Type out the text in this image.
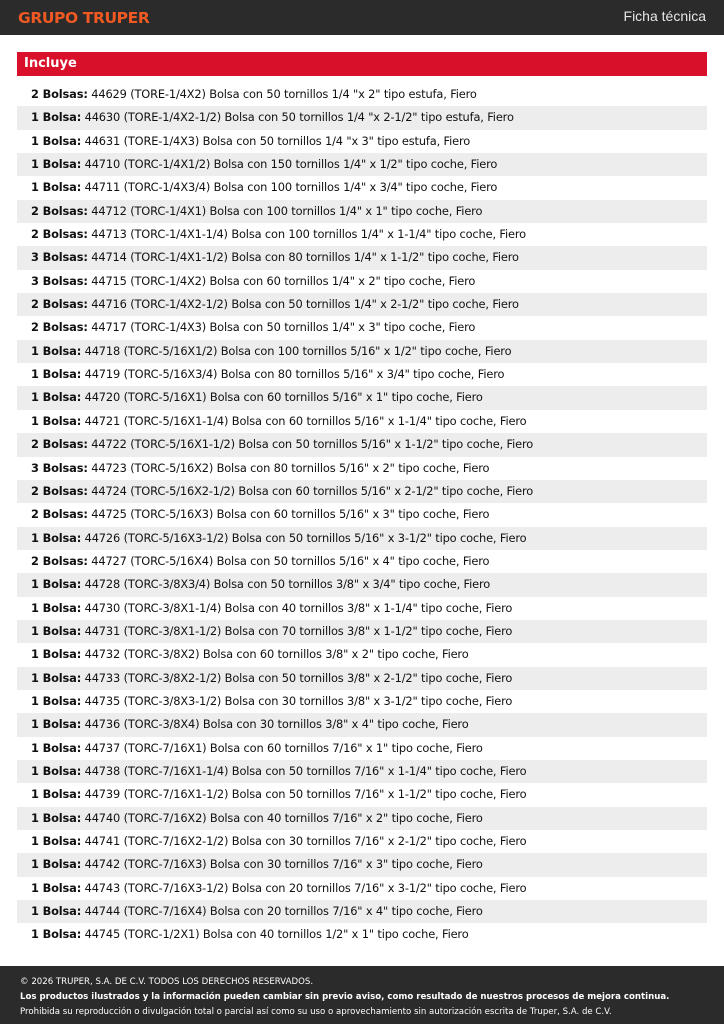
GRUPO TRUPER	Ficha técnica
Incluye
2 Bolsas: 44629 (TORE-1/4X2) Bolsa con 50 tornillos 1/4 "x 2" tipo estufa, Fiero
1 Bolsa: 44630 (TORE-1/4X2-1/2) Bolsa con 50 tornillos 1/4 "x 2-1/2" tipo estufa, Fiero
1 Bolsa: 44631 (TORE-1/4X3) Bolsa con 50 tornillos 1/4 "x 3" tipo estufa, Fiero
1 Bolsa: 44710 (TORC-1/4X1/2) Bolsa con 150 tornillos 1/4" x 1/2" tipo coche, Fiero
1 Bolsa: 44711 (TORC-1/4X3/4) Bolsa con 100 tornillos 1/4" x 3/4" tipo coche, Fiero
2 Bolsas: 44712 (TORC-1/4X1) Bolsa con 100 tornillos 1/4" x 1" tipo coche, Fiero
2 Bolsas: 44713 (TORC-1/4X1-1/4) Bolsa con 100 tornillos 1/4" x 1-1/4" tipo coche, Fiero
3 Bolsas: 44714 (TORC-1/4X1-1/2) Bolsa con 80 tornillos 1/4" x 1-1/2" tipo coche, Fiero
3 Bolsas: 44715 (TORC-1/4X2) Bolsa con 60 tornillos 1/4" x 2" tipo coche, Fiero
2 Bolsas: 44716 (TORC-1/4X2-1/2) Bolsa con 50 tornillos 1/4" x 2-1/2" tipo coche, Fiero
2 Bolsas: 44717 (TORC-1/4X3) Bolsa con 50 tornillos 1/4" x 3" tipo coche, Fiero
1 Bolsa: 44718 (TORC-5/16X1/2) Bolsa con 100 tornillos 5/16" x 1/2" tipo coche, Fiero
1 Bolsa: 44719 (TORC-5/16X3/4) Bolsa con 80 tornillos 5/16" x 3/4" tipo coche, Fiero
1 Bolsa: 44720 (TORC-5/16X1) Bolsa con 60 tornillos 5/16" x 1" tipo coche, Fiero
1 Bolsa: 44721 (TORC-5/16X1-1/4) Bolsa con 60 tornillos 5/16" x 1-1/4" tipo coche, Fiero
2 Bolsas: 44722 (TORC-5/16X1-1/2) Bolsa con 50 tornillos 5/16" x 1-1/2" tipo coche, Fiero
3 Bolsas: 44723 (TORC-5/16X2) Bolsa con 80 tornillos 5/16" x 2" tipo coche, Fiero
2 Bolsas: 44724 (TORC-5/16X2-1/2) Bolsa con 60 tornillos 5/16" x 2-1/2" tipo coche, Fiero
2 Bolsas: 44725 (TORC-5/16X3) Bolsa con 60 tornillos 5/16" x 3" tipo coche, Fiero
1 Bolsa: 44726 (TORC-5/16X3-1/2) Bolsa con 50 tornillos 5/16" x 3-1/2" tipo coche, Fiero
2 Bolsas: 44727 (TORC-5/16X4) Bolsa con 50 tornillos 5/16" x 4" tipo coche, Fiero
1 Bolsa: 44728 (TORC-3/8X3/4) Bolsa con 50 tornillos 3/8" x 3/4" tipo coche, Fiero
1 Bolsa: 44730 (TORC-3/8X1-1/4) Bolsa con 40 tornillos 3/8" x 1-1/4" tipo coche, Fiero
1 Bolsa: 44731 (TORC-3/8X1-1/2) Bolsa con 70 tornillos 3/8" x 1-1/2" tipo coche, Fiero
1 Bolsa: 44732 (TORC-3/8X2) Bolsa con 60 tornillos 3/8" x 2" tipo coche, Fiero
1 Bolsa: 44733 (TORC-3/8X2-1/2) Bolsa con 50 tornillos 3/8" x 2-1/2" tipo coche, Fiero
1 Bolsa: 44735 (TORC-3/8X3-1/2) Bolsa con 30 tornillos 3/8" x 3-1/2" tipo coche, Fiero
1 Bolsa: 44736 (TORC-3/8X4) Bolsa con 30 tornillos 3/8" x 4" tipo coche, Fiero
1 Bolsa: 44737 (TORC-7/16X1) Bolsa con 60 tornillos 7/16" x 1" tipo coche, Fiero
1 Bolsa: 44738 (TORC-7/16X1-1/4) Bolsa con 50 tornillos 7/16" x 1-1/4" tipo coche, Fiero
1 Bolsa: 44739 (TORC-7/16X1-1/2) Bolsa con 50 tornillos 7/16" x 1-1/2" tipo coche, Fiero
1 Bolsa: 44740 (TORC-7/16X2) Bolsa con 40 tornillos 7/16" x 2" tipo coche, Fiero
1 Bolsa: 44741 (TORC-7/16X2-1/2) Bolsa con 30 tornillos 7/16" x 2-1/2" tipo coche, Fiero
1 Bolsa: 44742 (TORC-7/16X3) Bolsa con 30 tornillos 7/16" x 3" tipo coche, Fiero
1 Bolsa: 44743 (TORC-7/16X3-1/2) Bolsa con 20 tornillos 7/16" x 3-1/2" tipo coche, Fiero
1 Bolsa: 44744 (TORC-7/16X4) Bolsa con 20 tornillos 7/16" x 4" tipo coche, Fiero
1 Bolsa: 44745 (TORC-1/2X1) Bolsa con 40 tornillos 1/2" x 1" tipo coche, Fiero
© 2026 TRUPER, S.A. DE C.V. TODOS LOS DERECHOS RESERVADOS.
Los productos ilustrados y la información pueden cambiar sin previo aviso, como resultado de nuestros procesos de mejora continua.
Prohibida su reproducción o divulgación total o parcial así como su uso o aprovechamiento sin autorización escrita de Truper, S.A. de C.V.
